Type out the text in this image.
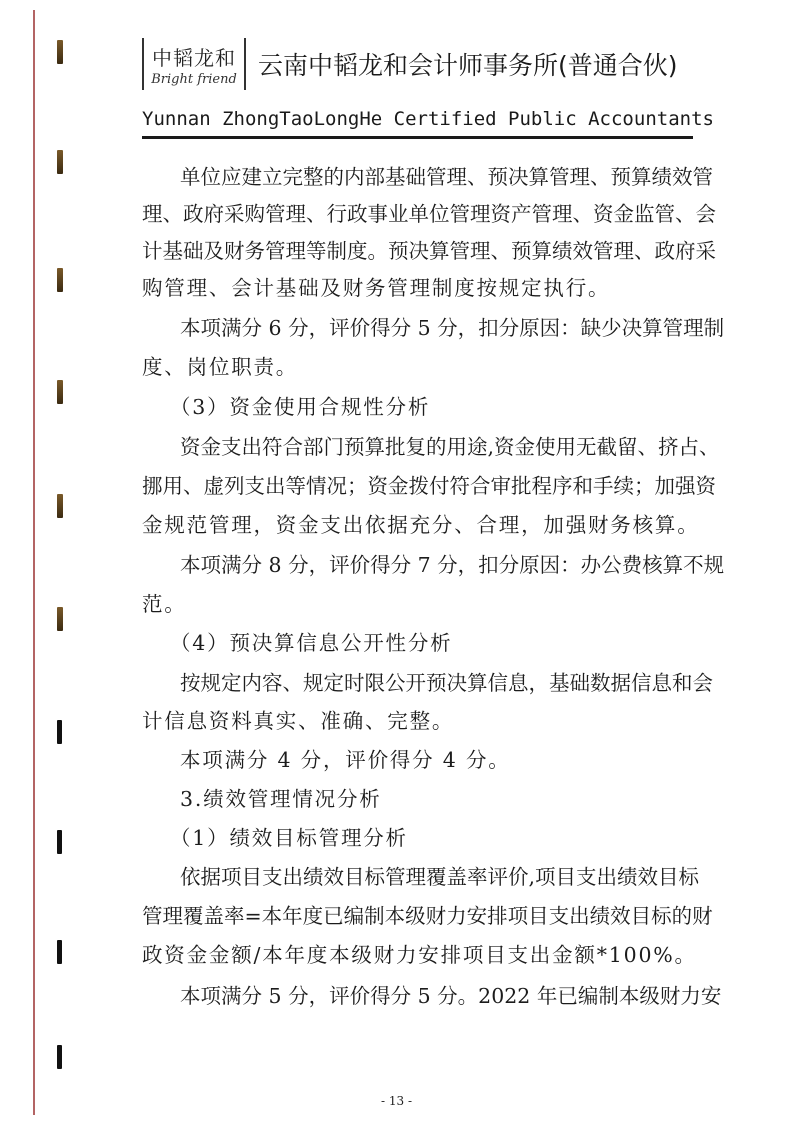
中韬龙和
Bright friend 云南中韬龙和会计师事务所(普通合伙)
Yunnan ZhongTaoLongHe Certified Public Accountants
单位应建立完整的内部基础管理、预决算管理、预算绩效管
理、政府采购管理、行政事业单位管理资产管理、资金监管、会
计基础及财务管理等制度。预决算管理、预算绩效管理、政府采
购管理、会计基础及财务管理制度按规定执行。
本项满分 6 分，评价得分 5 分，扣分原因：缺少决算管理制
度、岗位职责。
（3）资金使用合规性分析
资金支出符合部门预算批复的用途,资金使用无截留、挤占、
挪用、虚列支出等情况；资金拨付符合审批程序和手续；加强资
金规范管理，资金支出依据充分、合理，加强财务核算。
本项满分 8 分，评价得分 7 分，扣分原因：办公费核算不规
范。
（4）预决算信息公开性分析
按规定内容、规定时限公开预决算信息，基础数据信息和会
计信息资料真实、准确、完整。
本项满分 4 分，评价得分 4 分。
3.绩效管理情况分析
（1）绩效目标管理分析
依据项目支出绩效目标管理覆盖率评价,项目支出绩效目标
管理覆盖率=本年度已编制本级财力安排项目支出绩效目标的财
政资金金额/本年度本级财力安排项目支出金额*100%。
本项满分 5 分，评价得分 5 分。2022 年已编制本级财力安
- 13 -
